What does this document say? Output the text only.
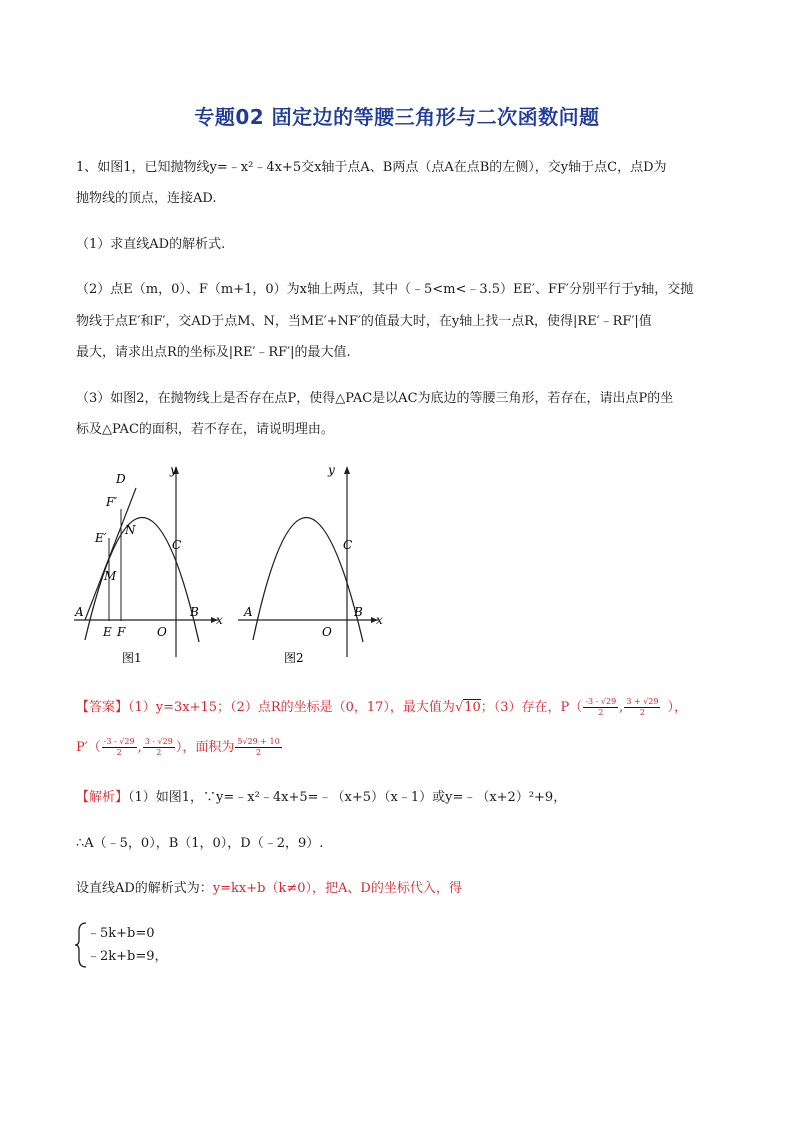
专题02 固定边的等腰三角形与二次函数问题
1、如图1，已知抛物线y=﹣x²﹣4x+5交x轴于点A、B两点（点A在点B的左侧），交y轴于点C，点D为
抛物线的顶点，连接AD.
（1）求直线AD的解析式.
（2）点E（m，0）、F（m+1，0）为x轴上两点，其中（﹣5<m<﹣3.5）EE′、FF′分别平行于y轴，交抛
物线于点E′和F′，交AD于点M、N，当ME′+NF′的值最大时，在y轴上找一点R，使得|RE′﹣RF′|值
最大，请求出点R的坐标及|RE′﹣RF′|的最大值.
（3）如图2，在抛物线上是否存在点P，使得△PAC是以AC为底边的等腰三角形，若存在，请出点P的坐
标及△PAC的面积，若不存在，请说明理由。
D
F′
E′
N
C
M
A	B
E F	O
x
y
图1
C
A	B
O
x
y
图2
【答案】（1）y=3x+15；（2）点R的坐标是（0，17），最大值为√10；（3）存在，$P( \frac{-3 - √29}{2}$ , $\frac{3 + √29}{2}$ ），
$P'( \frac{-3 - √29}{2}$ , $\frac{3 - √29}{2}$ ），面积为 $\frac{5√29 + 10}{2}$
【解析】（1）如图1，∵y=﹣x²﹣4x+5=﹣（x+5）（x﹣1）或y=﹣（x+2）²+9，
∴A（﹣5，0），B（1，0），D（﹣2，9）.
设直线AD的解析式为：y=kx+b（k≠0），把A、D的坐标代入，得
﹣5k+b=0
﹣2k+b=9，
